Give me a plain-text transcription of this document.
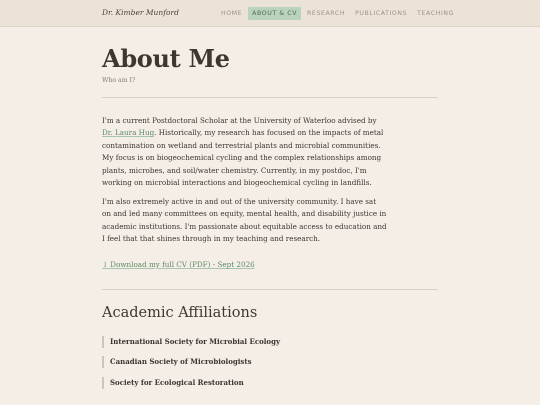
Dr. Kimber Munford	HOME	ABOUT & CV	RESEARCH	PUBLICATIONS	TEACHING
About Me
Who am I?

I'm a current Postdoctoral Scholar at the University of Waterloo advised by Dr. Laura Hug. Historically, my research has focused on the impacts of metal contamination on wetland and terrestrial plants and microbial communities. My focus is on biogeochemical cycling and the complex relationships among plants, microbes, and soil/water chemistry. Currently, in my postdoc, I'm working on microbial interactions and biogeochemical cycling in landfills.

I'm also extremely active in and out of the university community. I have sat on and led many committees on equity, mental health, and disability justice in academic institutions. I'm passionate about equitable access to education and I feel that that shines through in my teaching and research.

↓ Download my full CV (PDF) - Sept 2026
Academic Affiliations
International Society for Microbial Ecology
Canadian Society of Microbiologists
Society for Ecological Restoration
